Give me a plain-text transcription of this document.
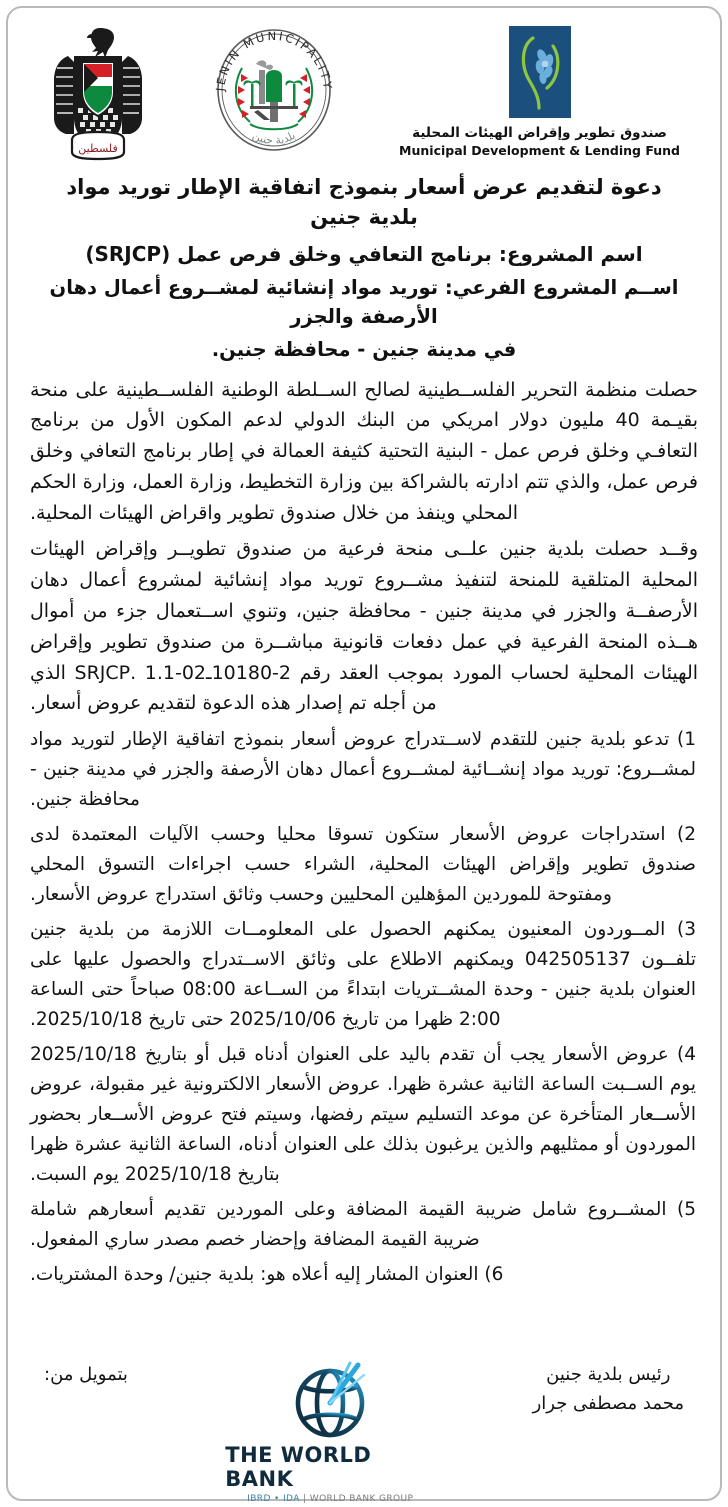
فلسطين
JENIN MUNICIPALITY
بلدية جنين	صندوق تطوير وإقراض الهيئات المحلية
Municipal Development & Lending Fund
دعوة لتقديم عرض أسعار بنموذج اتفاقية الإطار توريد مواد
بلدية جنين
اسم المشروع: برنامج التعافي وخلق فرص عمل (SRJCP)
اســم المشروع الفرعي: توريد مواد إنشائية لمشــروع أعمال دهان الأرصفة والجزر
في مدينة جنين - محافظة جنين.

حصلت منظمة التحرير الفلســطينية لصالح الســلطة الوطنية الفلســطينية على منحة بقيـمة 40 مليون دولار امريكي من البنك الدولي لدعم المكون الأول من برنامج التعافـي وخلق فرص عمل - البنية التحتية كثيفة العمالة في إطار برنامج التعافي وخلق فرص عمل، والذي تتم ادارته بالشراكة بين وزارة التخطيط، وزارة العمل، وزارة الحكم المحلي وينفذ من خلال صندوق تطوير واقراض الهيئات المحلية.

وقــد حصلت بلدية جنين علــى منحة فرعية من صندوق تطويــر وإقراض الهيئات المحلية المتلقية للمنحة لتنفيذ مشــروع توريد مواد إنشائية لمشروع أعمال دهان الأرصفــة والجزر في مدينة جنين - محافظة جنين، وتنوي اســتعمال جزء من أموال هــذه المنحة الفرعية في عمل دفعات قانونية مباشــرة من صندوق تطوير وإقراض الهيئات المحلية لحساب المورد بموجب العقد رقم 2-10180ـ02-1.1 .SRJCP الذي من أجله تم إصدار هذه الدعوة لتقديم عروض أسعار.

1) تدعو بلدية جنين للتقدم لاســتدراج عروض أسعار بنموذج اتفاقية الإطار لتوريد مواد لمشــروع: توريد مواد إنشــائية لمشــروع أعمال دهان الأرصفة والجزر في مدينة جنين - محافظة جنين.
2) استدراجات عروض الأسعار ستكون تسوقا محليا وحسب الآليات المعتمدة لدى صندوق تطوير وإقراض الهيئات المحلية، الشراء حسب اجراءات التسوق المحلي ومفتوحة للموردين المؤهلين المحليين وحسب وثائق استدراج عروض الأسعار.
3) المــوردون المعنيون يمكنهم الحصول على المعلومــات اللازمة من بلدية جنين تلفــون 042505137 ويمكنهم الاطلاع على وثائق الاســتدراج والحصول عليها على العنوان بلدية جنين - وحدة المشــتريات ابتداءً من الســاعة 08:00 صباحاً حتى الساعة 2:00 ظهرا من تاريخ 2025/10/06 حتى تاريخ 2025/10/18.
4) عروض الأسعار يجب أن تقدم باليد على العنوان أدناه قبل أو بتاريخ 2025/10/18 يوم الســبت الساعة الثانية عشرة ظهرا. عروض الأسعار الالكترونية غير مقبولة، عروض الأســعار المتأخرة عن موعد التسليم سيتم رفضها، وسيتم فتح عروض الأســعار بحضور الموردون أو ممثليهم والذين يرغبون بذلك على العنوان أدناه، الساعة الثانية عشرة ظهرا بتاريخ 2025/10/18 يوم السبت.
5) المشــروع شامل ضريبة القيمة المضافة وعلى الموردين تقديم أسعارهم شاملة ضريبة القيمة المضافة وإحضار خصم مصدر ساري المفعول.
6) العنوان المشار إليه أعلاه هو: بلدية جنين/ وحدة المشتريات.
بتمويل من:
THE WORLD BANK
IBRD • IDA | WORLD BANK GROUP
رئيس بلدية جنين
محمد مصطفى جرار
